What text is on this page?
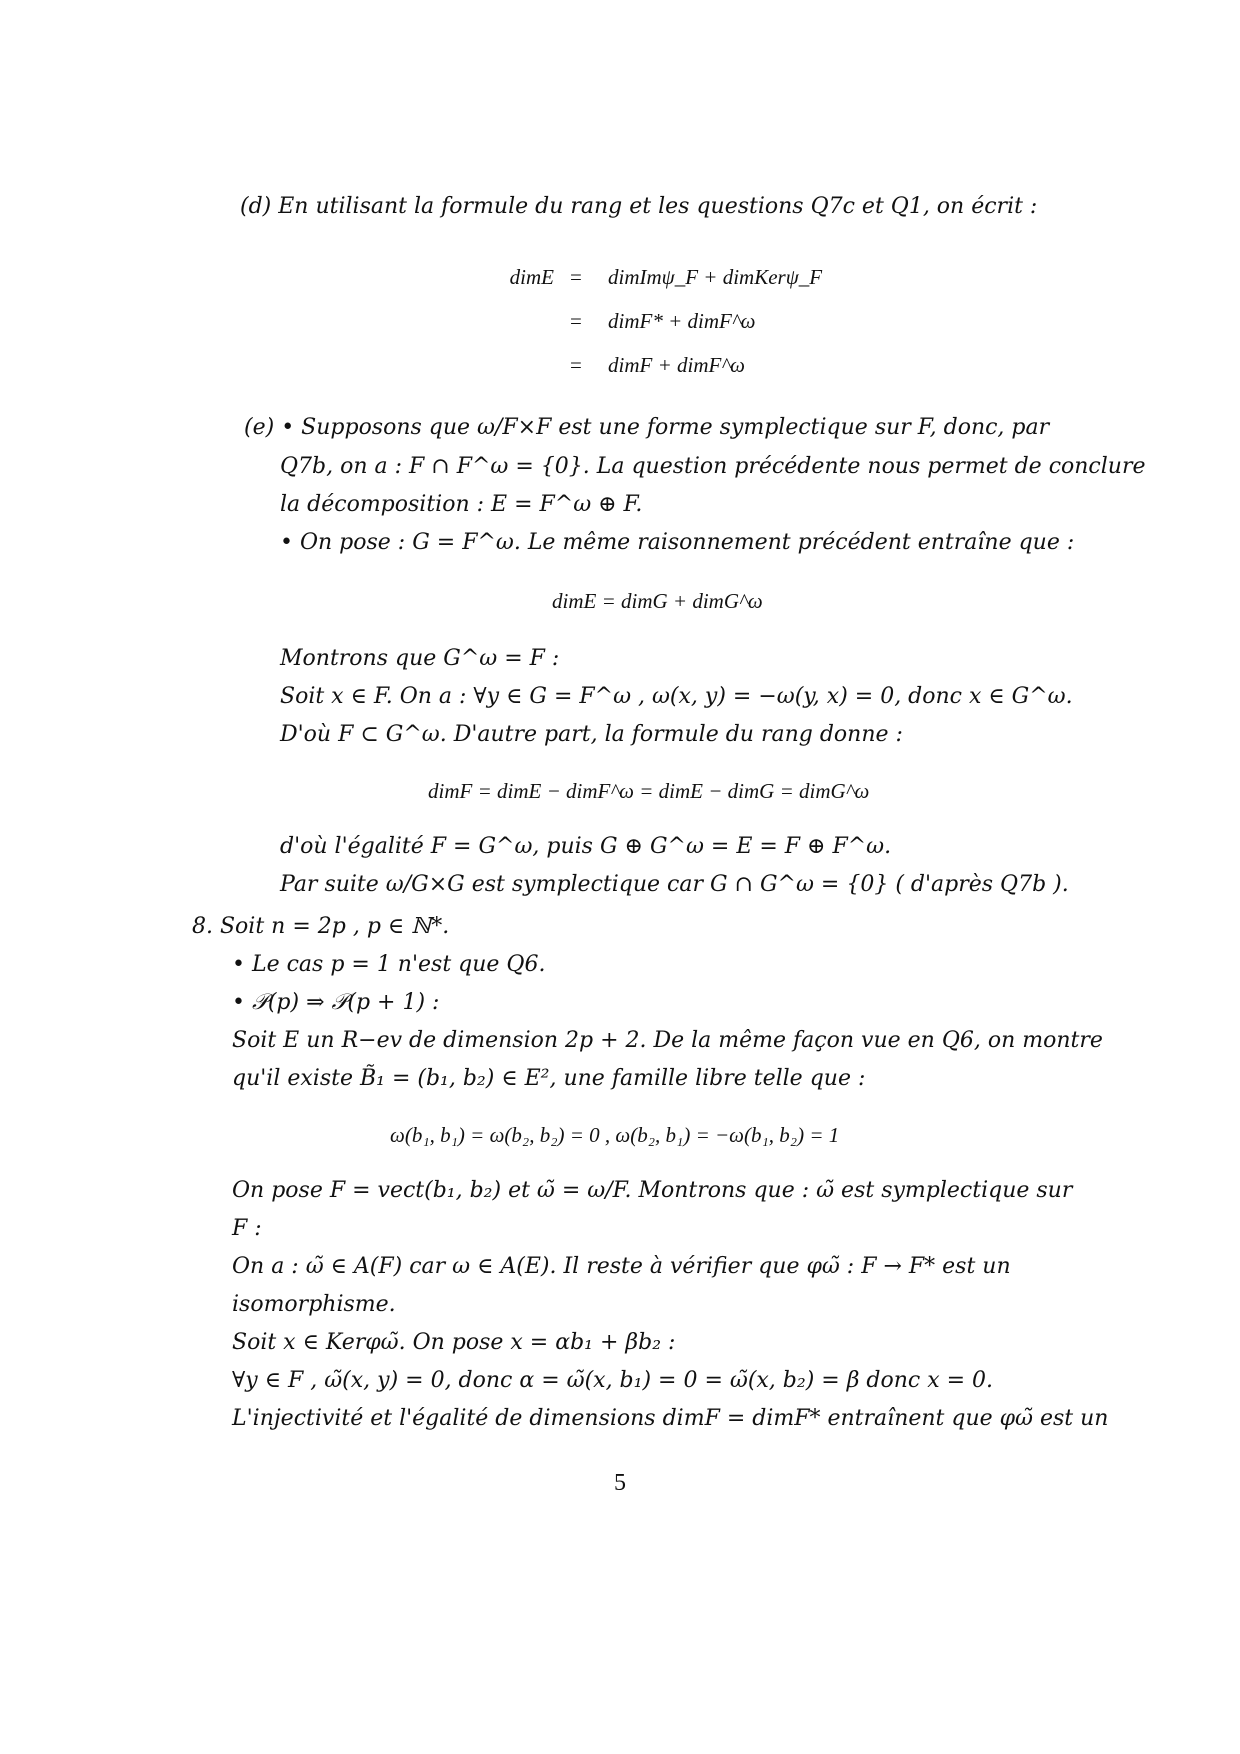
(d) En utilisant la formule du rang et les questions Q7c et Q1, on écrit :
dimE = dimImψ_F + dimKerψ_F
= dimF* + dimF^ω
= dimF + dimF^ω
(e) • Supposons que ω/F×F est une forme symplectique sur F, donc, par
Q7b, on a : F ∩ F^ω = {0}. La question précédente nous permet de conclure
la décomposition : E = F^ω ⊕ F.
• On pose : G = F^ω. Le même raisonnement précédent entraîne que :
dimE = dimG + dimG^ω
Montrons que G^ω = F :
Soit x ∈ F. On a : ∀y ∈ G = F^ω , ω(x, y) = −ω(y, x) = 0, donc x ∈ G^ω.
D'où F ⊂ G^ω. D'autre part, la formule du rang donne :
dimF = dimE − dimF^ω = dimE − dimG = dimG^ω
d'où l'égalité F = G^ω, puis G ⊕ G^ω = E = F ⊕ F^ω.
Par suite ω/G×G est symplectique car G ∩ G^ω = {0} ( d'après Q7b ).
8. Soit n = 2p , p ∈ ℕ*.
• Le cas p = 1 n'est que Q6.
• 𝒫(p) ⇒ 𝒫(p + 1) :
Soit E un R−ev de dimension 2p + 2. De la même façon vue en Q6, on montre
qu'il existe B̃₁ = (b₁, b₂) ∈ E², une famille libre telle que :
ω(b₁, b₁) = ω(b₂, b₂) = 0 , ω(b₂, b₁) = −ω(b₁, b₂) = 1
On pose F = vect(b₁, b₂) et ω̃ = ω/F. Montrons que : ω̃ est symplectique sur
F :
On a : ω̃ ∈ A(F) car ω ∈ A(E). Il reste à vérifier que φω̃ : F → F* est un
isomorphisme.
Soit x ∈ Kerφω̃. On pose x = αb₁ + βb₂ :
∀y ∈ F , ω̃(x, y) = 0, donc α = ω̃(x, b₁) = 0 = ω̃(x, b₂) = β donc x = 0.
L'injectivité et l'égalité de dimensions dimF = dimF* entraînent que φω̃ est un
5
